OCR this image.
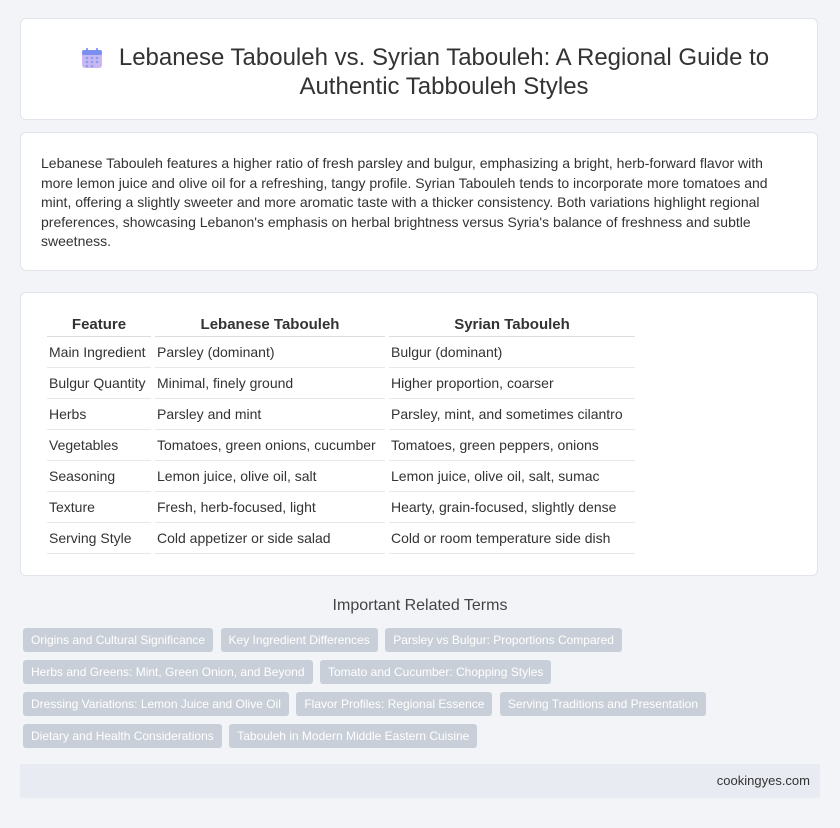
Lebanese Tabouleh vs. Syrian Tabouleh: A Regional Guide to Authentic Tabbouleh Styles

Lebanese Tabouleh features a higher ratio of fresh parsley and bulgur, emphasizing a bright, herb-forward flavor with more lemon juice and olive oil for a refreshing, tangy profile. Syrian Tabouleh tends to incorporate more tomatoes and mint, offering a slightly sweeter and more aromatic taste with a thicker consistency. Both variations highlight regional preferences, showcasing Lebanon's emphasis on herbal brightness versus Syria's balance of freshness and subtle sweetness.

Feature	Lebanese Tabouleh	Syrian Tabouleh
Main Ingredient	Parsley (dominant)	Bulgur (dominant)
Bulgur Quantity	Minimal, finely ground	Higher proportion, coarser
Herbs	Parsley and mint	Parsley, mint, and sometimes cilantro
Vegetables	Tomatoes, green onions, cucumber	Tomatoes, green peppers, onions
Seasoning	Lemon juice, olive oil, salt	Lemon juice, olive oil, salt, sumac
Texture	Fresh, herb-focused, light	Hearty, grain-focused, slightly dense
Serving Style	Cold appetizer or side salad	Cold or room temperature side dish
Important Related Terms
Origins and Cultural Significance Key Ingredient Differences Parsley vs Bulgur: Proportions Compared Herbs and Greens: Mint, Green Onion, and Beyond Tomato and Cucumber: Chopping Styles Dressing Variations: Lemon Juice and Olive Oil Flavor Profiles: Regional Essence Serving Traditions and Presentation Dietary and Health Considerations Tabouleh in Modern Middle Eastern Cuisine
cookingyes.com
